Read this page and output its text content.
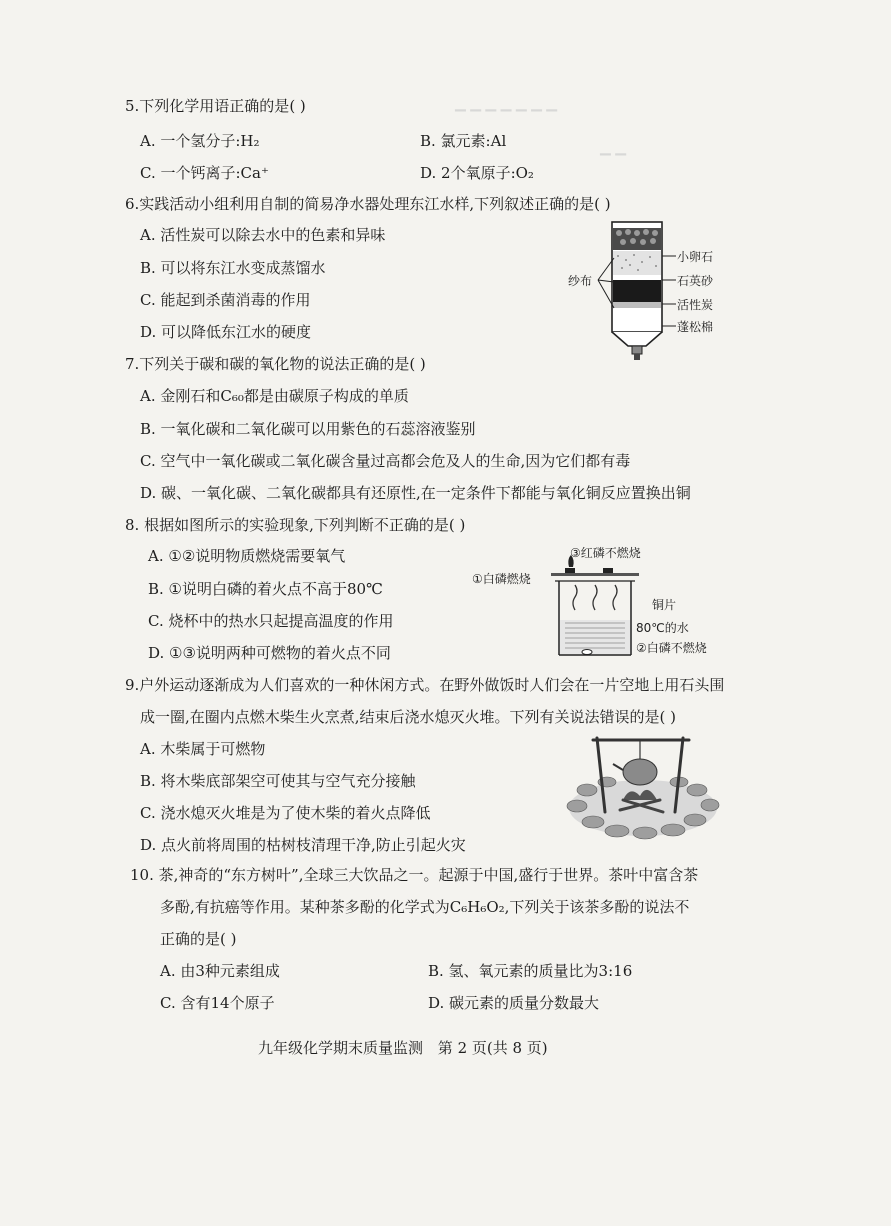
▁ ▁ ▁ ▁ ▁ ▁ ▁
▁ ▁
5.下列化学用语正确的是( )
A. 一个氢分子:H₂	B. 氯元素:Al
C. 一个钙离子:Ca⁺	D. 2个氧原子:O₂
6.实践活动小组利用自制的简易净水器处理东江水样,下列叙述正确的是( )
A. 活性炭可以除去水中的色素和异味
B. 可以将东江水变成蒸馏水
C. 能起到杀菌消毒的作用
D. 可以降低东江水的硬度
小卵石
石英砂
活性炭
蓬松棉
纱布
7.下列关于碳和碳的氧化物的说法正确的是( )
A. 金刚石和C₆₀都是由碳原子构成的单质
B. 一氧化碳和二氧化碳可以用紫色的石蕊溶液鉴别
C. 空气中一氧化碳或二氧化碳含量过高都会危及人的生命,因为它们都有毒
D. 碳、一氧化碳、二氧化碳都具有还原性,在一定条件下都能与氧化铜反应置换出铜
8. 根据如图所示的实验现象,下列判断不正确的是( )
A. ①②说明物质燃烧需要氧气
B. ①说明白磷的着火点不高于80℃
C. 烧杯中的热水只起提高温度的作用
D. ①③说明两种可燃物的着火点不同
③红磷不燃烧
①白磷燃烧
铜片
80℃的水
②白磷不燃烧
9.户外运动逐渐成为人们喜欢的一种休闲方式。在野外做饭时人们会在一片空地上用石头围
成一圈,在圈内点燃木柴生火烹煮,结束后浇水熄灭火堆。下列有关说法错误的是( )
A. 木柴属于可燃物
B. 将木柴底部架空可使其与空气充分接触
C. 浇水熄灭火堆是为了使木柴的着火点降低
D. 点火前将周围的枯树枝清理干净,防止引起火灾
10. 茶,神奇的“东方树叶”,全球三大饮品之一。起源于中国,盛行于世界。茶叶中富含茶
多酚,有抗癌等作用。某种茶多酚的化学式为C₆H₆O₂,下列关于该茶多酚的说法不
正确的是( )
A. 由3种元素组成	B. 氢、氧元素的质量比为3:16
C. 含有14个原子	D. 碳元素的质量分数最大
九年级化学期末质量监测 第 2 页(共 8 页)
